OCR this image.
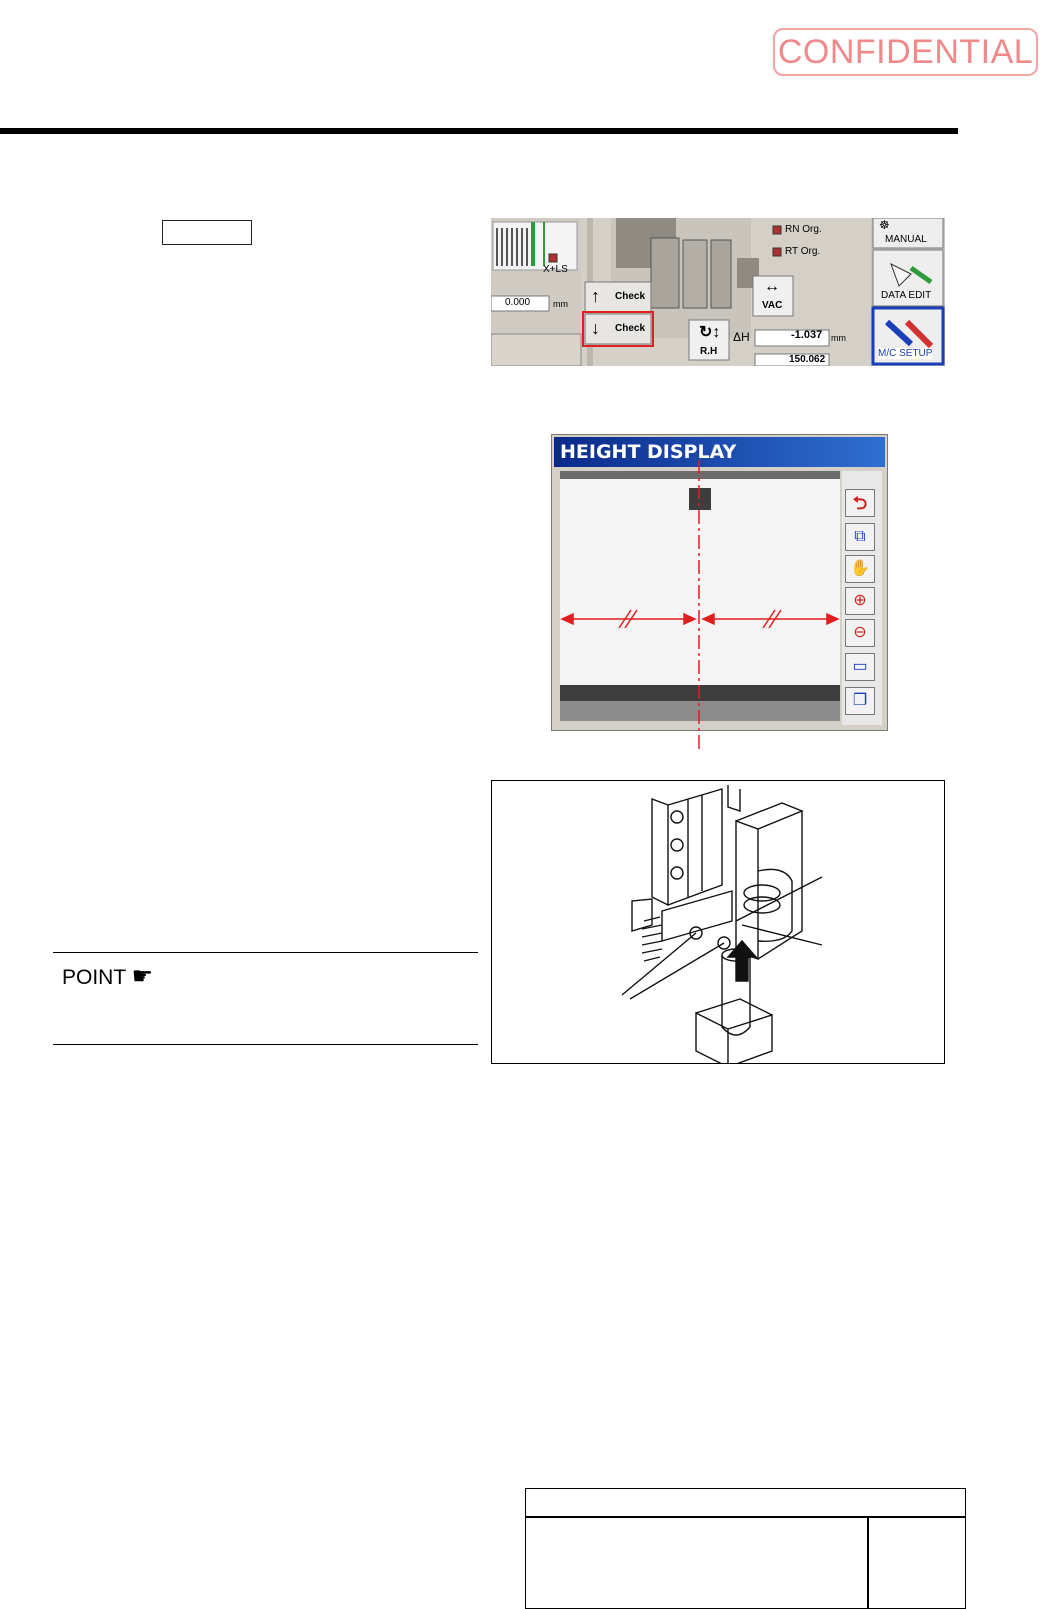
CONFIDENTIAL
RN Org.
RT Org.
X+LS
0.000	mm ↑ Check
↓ Check
↔
VAC
↻↕
R.H
ΔH	-1.037 mm
150.062
☸
MANUAL
DATA EDIT
M/C SETUP
HEIGHT DISPLAY
⮌
⧉
✋
⊕
⊖
▭
❐
POINT ☛
